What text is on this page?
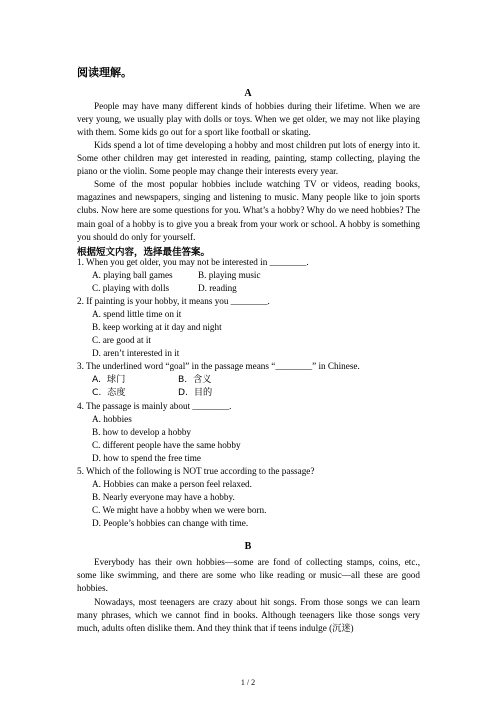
阅读理解。
A

People may have many different kinds of hobbies during their lifetime. When we are very young, we usually play with dolls or toys. When we get older, we may not like playing with them. Some kids go out for a sport like football or skating.

Kids spend a lot of time developing a hobby and most children put lots of energy into it. Some other children may get interested in reading, painting, stamp collecting, playing the piano or the violin. Some people may change their interests every year.

Some of the most popular hobbies include watching TV or videos, reading books, magazines and newspapers, singing and listening to music. Many people like to join sports clubs. Now here are some questions for you. What’s a hobby? Why do we need hobbies? The main goal of a hobby is to give you a break from your work or school. A hobby is something you should do only for yourself.

根据短文内容，选择最佳答案。
1. When you get older, you may not be interested in ________.
A. playing ball games	B. playing music
C. playing with dolls	D. reading
2. If painting is your hobby, it means you ________.
A. spend little time on it
B. keep working at it day and night
C. are good at it
D. aren’t interested in it
3. The underlined word “goal” in the passage means “________” in Chinese.
A.  球门	B.  含义
C.  态度	D.  目的
4. The passage is mainly about ________.
A. hobbies
B. how to develop a hobby
C. different people have the same hobby
D. how to spend the free time
5. Which of the following is NOT true according to the passage?
A. Hobbies can make a person feel relaxed.
B. Nearly everyone may have a hobby.
C. We might have a hobby when we were born.
D. People’s hobbies can change with time.
B

Everybody has their own hobbies—some are fond of collecting stamps, coins, etc., some like swimming, and there are some who like reading or music—all these are good hobbies.

Nowadays, most teenagers are crazy about hit songs. From those songs we can learn many phrases, which we cannot find in books. Although teenagers like those songs very much, adults often dislike them. And they think that if teens indulge (沉迷)

1 / 2
